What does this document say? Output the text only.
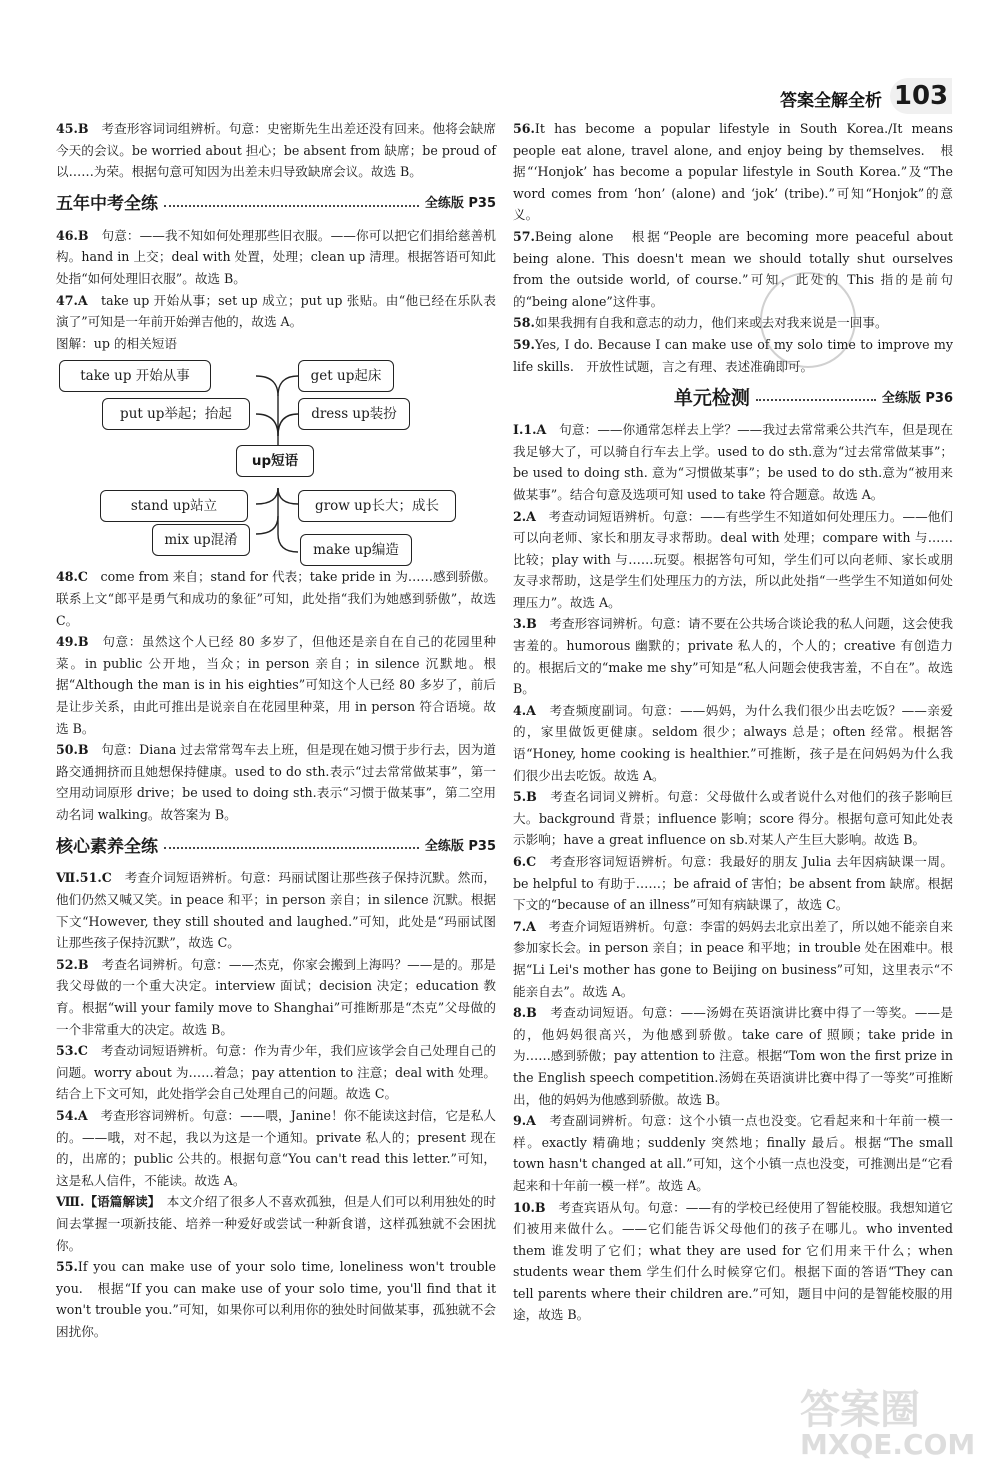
答案全解全析 103

45.B　考查形容词词组辨析。句意：史密斯先生出差还没有回来。他将会缺席今天的会议。be worried about 担心；be absent from 缺席；be proud of 以……为荣。根据句意可知因为出差未归导致缺席会议。故选 B。

五年中考全练	全练版 P35

46.B　句意：——我不知如何处理那些旧衣服。——你可以把它们捐给慈善机构。hand in 上交；deal with 处置，处理；clean up 清理。根据答语可知此处指“如何处理旧衣服”。故选 B。

47.A　take up 开始从事；set up 成立；put up 张贴。由“他已经在乐队表演了”可知是一年前开始弹吉他的，故选 A。

图解：up 的相关短语

take up 开始从事	get up起床
put up举起；抬起	dress up装扮
up短语
stand up站立	grow up长大；成长
mix up混淆
make up编造

48.C　come from 来自；stand for 代表；take pride in 为……感到骄傲。联系上文“郎平是勇气和成功的象征”可知，此处指“我们为她感到骄傲”，故选 C。

49.B　句意：虽然这个人已经 80 多岁了，但他还是亲自在自己的花园里种菜。in public 公开地，当众；in person 亲自；in silence 沉默地。根据“Although the man is in his eighties”可知这个人已经 80 多岁了，前后是让步关系，由此可推出是说亲自在花园里种菜，用 in person 符合语境。故选 B。

50.B　句意：Diana 过去常常驾车去上班，但是现在她习惯于步行去，因为道路交通拥挤而且她想保持健康。used to do sth.表示“过去常常做某事”，第一空用动词原形 drive；be used to doing sth.表示“习惯于做某事”，第二空用动名词 walking。故答案为 B。

核心素养全练	全练版 P35

Ⅶ.51.C　考查介词短语辨析。句意：玛丽试图让那些孩子保持沉默。然而，他们仍然又喊又笑。in peace 和平；in person 亲自；in silence 沉默。根据下文“However, they still shouted and laughed.”可知，此处是“玛丽试图让那些孩子保持沉默”，故选 C。

52.B　考查名词辨析。句意：——杰克，你家会搬到上海吗？——是的。那是我父母做的一个重大决定。interview 面试；decision 决定；education 教育。根据“will your family move to Shanghai”可推断那是“杰克”父母做的一个非常重大的决定。故选 B。

53.C　考查动词短语辨析。句意：作为青少年，我们应该学会自己处理自己的问题。worry about 为……着急；pay attention to 注意；deal with 处理。结合上下文可知，此处指学会自己处理自己的问题。故选 C。

54.A　考查形容词辨析。句意：——喂，Janine！你不能读这封信，它是私人的。——哦，对不起，我以为这是一个通知。private 私人的；present 现在的，出席的；public 公共的。根据句意“You can't read this letter.”可知，这是私人信件，不能读。故选 A。

Ⅷ.【语篇解读】　本文介绍了很多人不喜欢孤独，但是人们可以利用独处的时间去掌握一项新技能、培养一种爱好或尝试一种新食谱，这样孤独就不会困扰你。

55.If you can make use of your solo time, loneliness won't trouble you.　根据“If you can make use of your solo time, you'll find that it won't trouble you.”可知，如果你可以利用你的独处时间做某事，孤独就不会困扰你。

56.It has become a popular lifestyle in South Korea./It means people eat alone, travel alone, and enjoy being by themselves.　根据“‘Honjok’ has become a popular lifestyle in South Korea.”及“The word comes from ‘hon’ (alone) and ‘jok’ (tribe).”可知“Honjok”的意义。

57.Being alone　根据“People are becoming more peaceful about being alone. This doesn't mean we should totally shut ourselves from the outside world, of course.”可知，此处的 This 指的是前句的“being alone”这件事。

58.如果我拥有自我和意志的动力，他们来或去对我来说是一回事。

59.Yes, I do. Because I can make use of my solo time to improve my life skills.　开放性试题，言之有理、表述准确即可。

单元检测	全练版 P36

Ⅰ.1.A　句意：——你通常怎样去上学？——我过去常常乘公共汽车，但是现在我足够大了，可以骑自行车去上学。used to do sth.意为“过去常常做某事”；be used to doing sth. 意为“习惯做某事”；be used to do sth.意为“被用来做某事”。结合句意及选项可知 used to take 符合题意。故选 A。

2.A　考查动词短语辨析。句意：——有些学生不知道如何处理压力。——他们可以向老师、家长和朋友寻求帮助。deal with 处理；compare with 与……比较；play with 与……玩耍。根据答句可知，学生们可以向老师、家长或朋友寻求帮助，这是学生们处理压力的方法，所以此处指“一些学生不知道如何处理压力”。故选 A。

3.B　考查形容词辨析。句意：请不要在公共场合谈论我的私人问题，这会使我害羞的。humorous 幽默的；private 私人的，个人的；creative 有创造力的。根据后文的“make me shy”可知是“私人问题会使我害羞，不自在”。故选 B。

4.A　考查频度副词。句意：——妈妈，为什么我们很少出去吃饭？——亲爱的，家里做饭更健康。seldom 很少；always 总是；often 经常。根据答语“Honey, home cooking is healthier.”可推断，孩子是在问妈妈为什么我们很少出去吃饭。故选 A。

5.B　考查名词词义辨析。句意：父母做什么或者说什么对他们的孩子影响巨大。background 背景；influence 影响；score 得分。根据句意可知此处表示影响；have a great influence on sb.对某人产生巨大影响。故选 B。

6.C　考查形容词短语辨析。句意：我最好的朋友 Julia 去年因病缺课一周。be helpful to 有助于……；be afraid of 害怕；be absent from 缺席。根据下文的“because of an illness”可知有病缺课了，故选 C。

7.A　考查介词短语辨析。句意：李雷的妈妈去北京出差了，所以她不能亲自来参加家长会。in person 亲自；in peace 和平地；in trouble 处在困难中。根据“Li Lei's mother has gone to Beijing on business”可知，这里表示“不能亲自去”。故选 A。

8.B　考查动词短语。句意：——汤姆在英语演讲比赛中得了一等奖。——是的，他妈妈很高兴，为他感到骄傲。take care of 照顾；take pride in 为……感到骄傲；pay attention to 注意。根据“Tom won the first prize in the English speech competition.汤姆在英语演讲比赛中得了一等奖”可推断出，他的妈妈为他感到骄傲。故选 B。

9.A　考查副词辨析。句意：这个小镇一点也没变。它看起来和十年前一模一样。exactly 精确地；suddenly 突然地；finally 最后。根据“The small town hasn't changed at all.”可知，这个小镇一点也没变，可推测出是“它看起来和十年前一模一样”。故选 A。

10.B　考查宾语从句。句意：——有的学校已经使用了智能校服。我想知道它们被用来做什么。——它们能告诉父母他们的孩子在哪儿。who invented them 谁发明了它们；what they are used for 它们用来干什么；when students wear them 学生们什么时候穿它们。根据下面的答语“They can tell parents where their children are.”可知，题目中问的是智能校服的用途，故选 B。

答案圈
MXQE.COM
